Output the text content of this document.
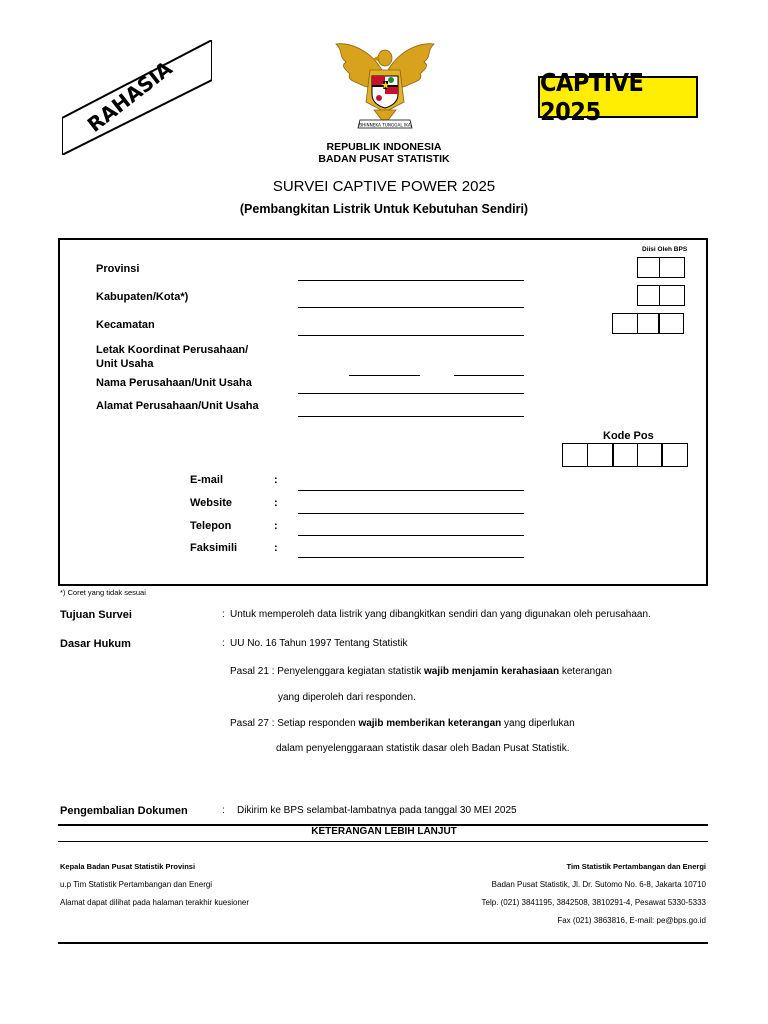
RAHASIA	BHINNEKA TUNGGAL IKA
CAPTIVE 2025
REPUBLIK INDONESIA
BADAN PUSAT STATISTIK
SURVEI CAPTIVE POWER 2025
(Pembangkitan Listrik Untuk Kebutuhan Sendiri)
Diisi Oleh BPS
Provinsi
Kabupaten/Kota*)
Kecamatan
Letak Koordinat Perusahaan/
Unit Usaha
Nama Perusahaan/Unit Usaha
Alamat Perusahaan/Unit Usaha
Kode Pos
E-mail	:
Website	:
Telepon	:
Faksimili	:
*) Coret yang tidak sesuai
Tujuan Survei	: Untuk memperoleh data listrik yang dibangkitkan sendiri dan yang digunakan oleh perusahaan.
Dasar Hukum	: UU No. 16 Tahun 1997 Tentang Statistik
Pasal 21 : Penyelenggara kegiatan statistik wajib menjamin kerahasiaan keterangan
yang diperoleh dari responden.
Pasal 27 : Setiap responden wajib memberikan keterangan yang diperlukan
dalam penyelenggaraan statistik dasar oleh Badan Pusat Statistik.
Pengembalian Dokumen	: Dikirim ke BPS selambat-lambatnya pada tanggal 30 MEI 2025
KETERANGAN LEBIH LANJUT
Kepala Badan Pusat Statistik Provinsi
u.p Tim Statistik Pertambangan dan Energi
Alamat dapat dilihat pada halaman terakhir kuesioner
Tim Statistik Pertambangan dan Energi
Badan Pusat Statistik, Jl. Dr. Sutomo No. 6-8, Jakarta 10710
Telp. (021) 3841195, 3842508, 3810291-4, Pesawat 5330-5333
Fax (021) 3863816, E-mail: pe@bps.go.id
